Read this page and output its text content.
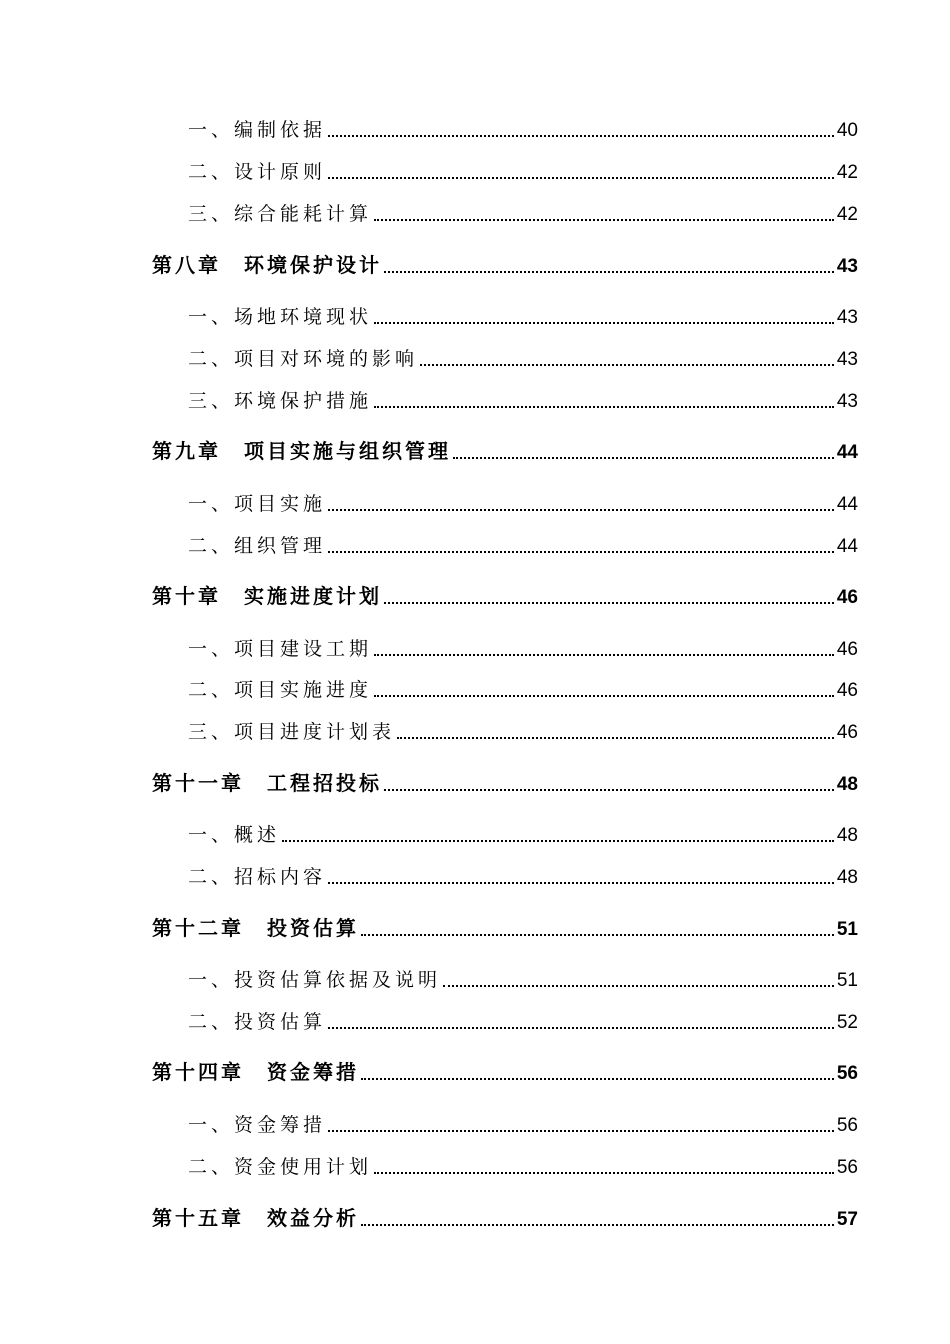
一、编制依据	40
二、设计原则	42
三、综合能耗计算	42
第八章　环境保护设计	43
一、场地环境现状	43
二、项目对环境的影响	43
三、环境保护措施	43
第九章　项目实施与组织管理	44
一、项目实施	44
二、组织管理	44
第十章　实施进度计划	46
一、项目建设工期	46
二、项目实施进度	46
三、项目进度计划表	46
第十一章　工程招投标	48
一、概述	48
二、招标内容	48
第十二章　投资估算	51
一、投资估算依据及说明	51
二、投资估算	52
第十四章　资金筹措	56
一、资金筹措	56
二、资金使用计划	56
第十五章　效益分析	57
